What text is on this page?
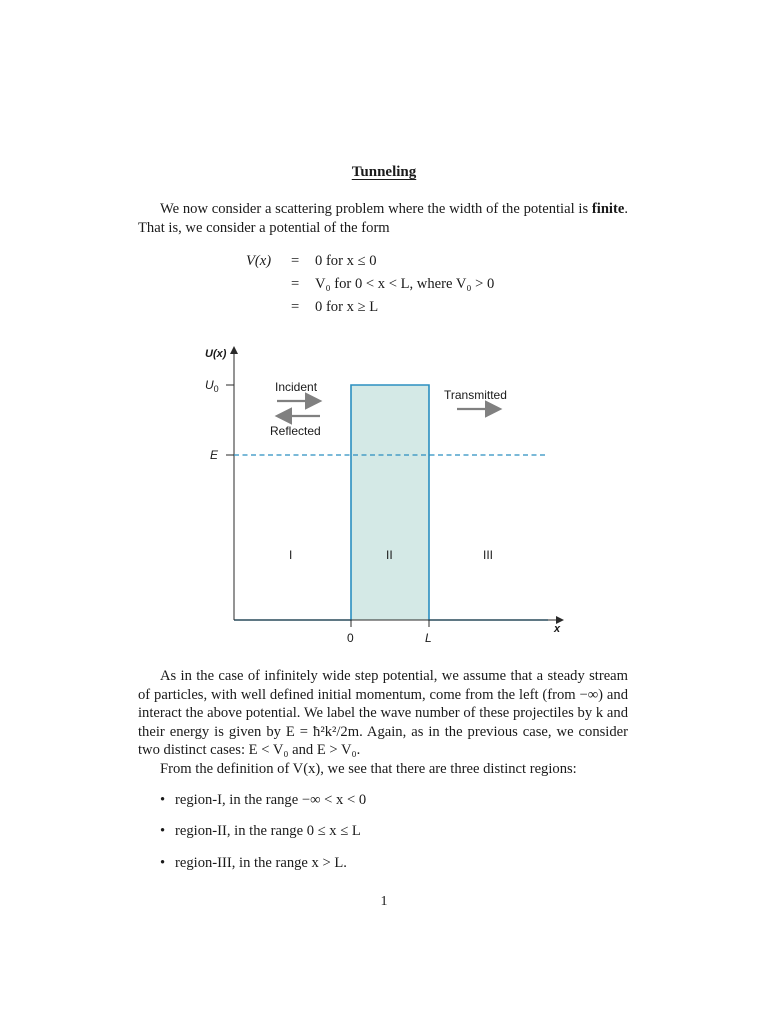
Tunneling

We now consider a scattering problem where the width of the potential is finite. That is, we consider a potential of the form

V(x) = 0 for x ≤ 0
= V₀ for 0 < x < L, where V₀ > 0
= 0 for x ≥ L
U(x)
x
$U_0$
E
0	L
Incident
Reflected
Transmitted
I	II	III

As in the case of infinitely wide step potential, we assume that a steady stream of particles, with well defined initial momentum, come from the left (from −∞) and interact the above potential. We label the wave number of these projectiles by k and their energy is given by E = ħ²k²/2m. Again, as in the previous case, we consider two distinct cases: E < V₀ and E > V₀.

From the definition of V(x), we see that there are three distinct regions:

• region-I, in the range −∞ < x < 0
• region-II, in the range 0 ≤ x ≤ L
• region-III, in the range x > L.
1
